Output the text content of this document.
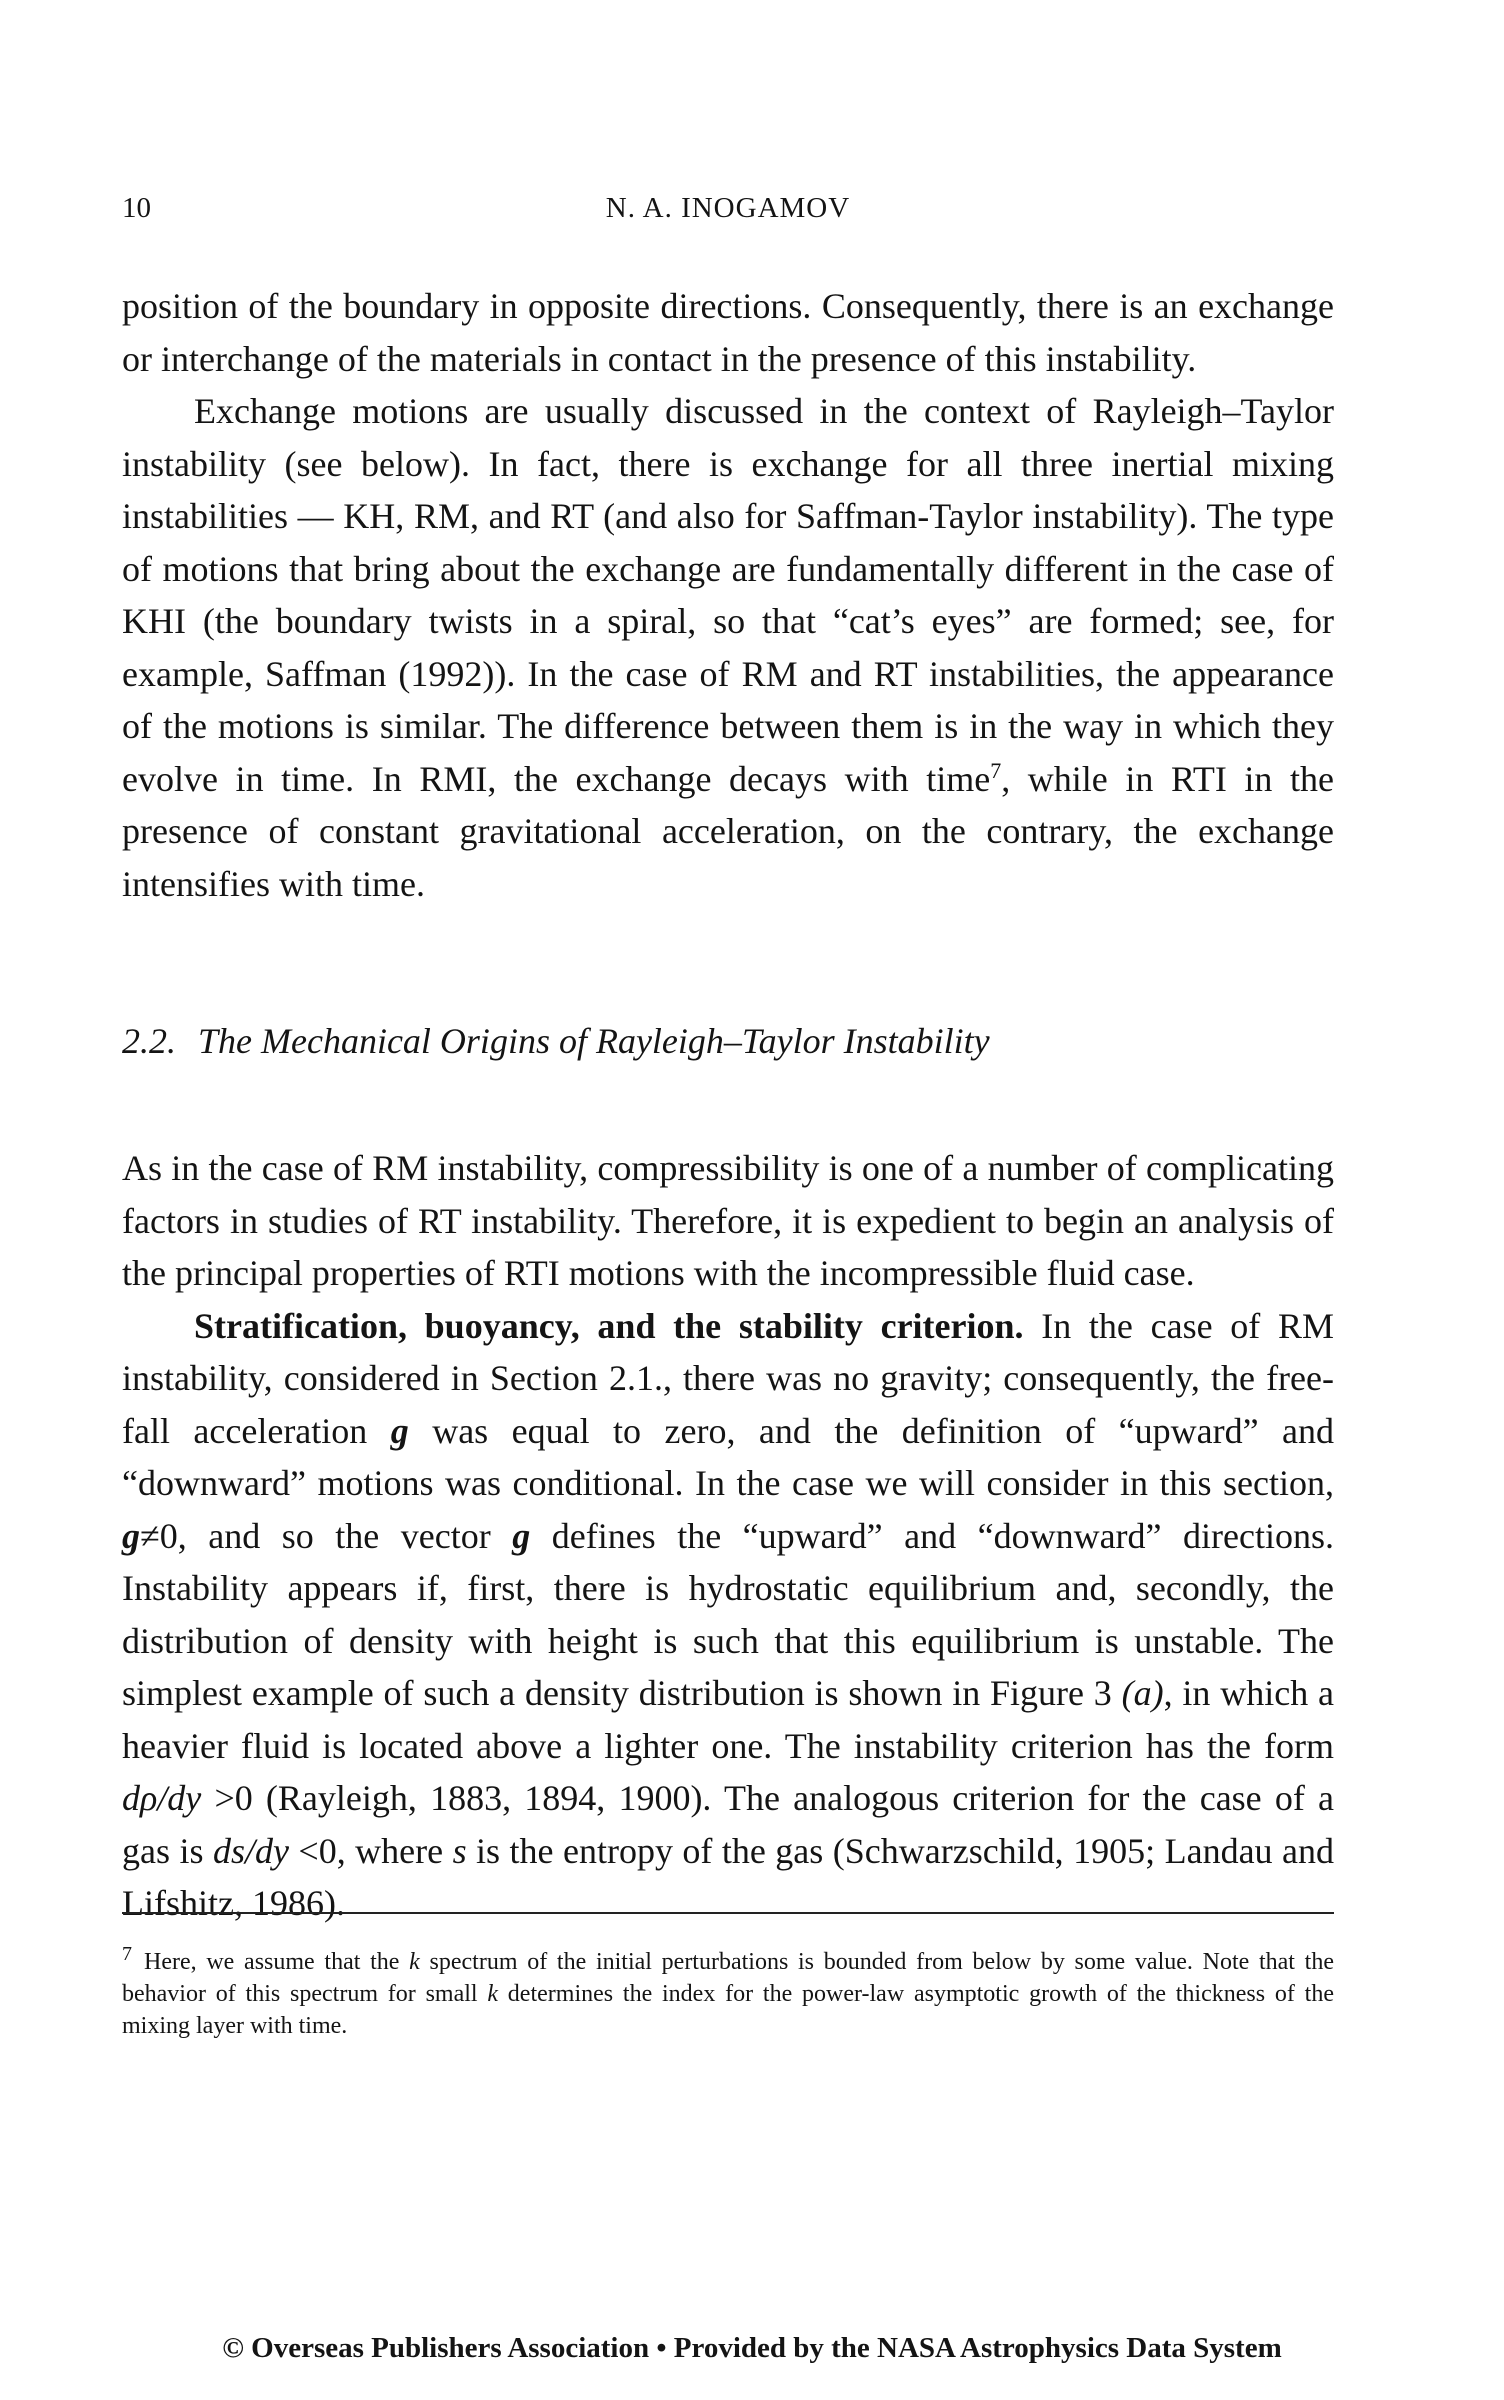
10	N. A. INOGAMOV

position of the boundary in opposite directions. Consequently, there is an exchange or interchange of the materials in contact in the presence of this instability.

Exchange motions are usually discussed in the context of Rayleigh–Taylor instability (see below). In fact, there is exchange for all three inertial mixing instabilities — KH, RM, and RT (and also for Saffman-Taylor instability). The type of motions that bring about the exchange are fundamentally different in the case of KHI (the boundary twists in a spiral, so that “cat’s eyes” are formed; see, for example, Saffman (1992)). In the case of RM and RT instabilities, the appearance of the motions is similar. The difference between them is in the way in which they evolve in time. In RMI, the exchange decays with time$^7$, while in RTI in the presence of constant gravitational acceleration, on the contrary, the exchange intensifies with time.

2.2. The Mechanical Origins of Rayleigh–Taylor Instability

As in the case of RM instability, compressibility is one of a number of complicating factors in studies of RT instability. Therefore, it is expedient to begin an analysis of the principal properties of RTI motions with the incompressible fluid case.

Stratification, buoyancy, and the stability criterion. In the case of RM instability, considered in Section 2.1., there was no gravity; consequently, the free-fall acceleration g was equal to zero, and the definition of “upward” and “downward” motions was conditional. In the case we will consider in this section, g≠0, and so the vector g defines the “upward” and “downward” directions. Instability appears if, first, there is hydrostatic equilibrium and, secondly, the distribution of density with height is such that this equilibrium is unstable. The simplest example of such a density distribution is shown in Figure 3 (a), in which a heavier fluid is located above a lighter one. The instability criterion has the form dρ/dy >0 (Rayleigh, 1883, 1894, 1900). The analogous criterion for the case of a gas is ds/dy <0, where s is the entropy of the gas (Schwarzschild, 1905; Landau and Lifshitz, 1986).

$^7$ Here, we assume that the k spectrum of the initial perturbations is bounded from below by some value. Note that the behavior of this spectrum for small k determines the index for the power-law asymptotic growth of the thickness of the mixing layer with time.
© Overseas Publishers Association • Provided by the NASA Astrophysics Data System
